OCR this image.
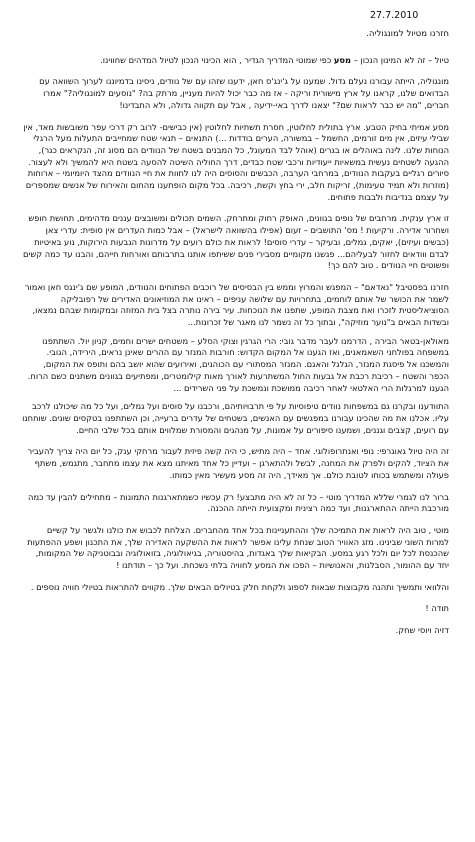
27.7.2010
חזרנו מטיול למונגוליה.

טיול – זה לא המינון הנכון – מסע כפי שמוטי המדריך הגדיר , הוא הכינוי הנכון לטיול המדהים שחווינו.

מונגוליה, הייתה עבורנו נעלם גדול. שמענו על ג'ינג'ס חאן, ידענו שזהו עם של נוודים, ניסינו בדמיוננו לערוך השוואה עם הבדואים שלנו, קראנו על ארץ מישורית וריקה - אז מה כבר יכול להיות מעניין, מרתק בה? "נוסעים למונגוליה?" אמרו חברים, "מה יש כבר לראות שם?" יצאנו לדרך באי-ידיעה , אבל עם תקווה גדולה, ולא התבדינו!

מסע אמיתי בחיק הטבע. ארץ בתולית לחלוטין, חסרת תשתיות לחלוטין (אין כבישים- לרוב רק דרכי עפר משובשות מאד, אין שבילי עיזים, אין מים זורמים, החשמל – במשורה, הערים בודדות ...) התנאים – תנאי שטח שמחייבים התעלות מעל הרגלי הנוחות שלנו. לינה באוהלים או בגרים (אוהל לבד המעוגל, כל המבנים בשטח של הנוודים הם מסוג זה, הנקראים כגר), ההגעה לשטחים נעשית במשאיות ייעודיות ורכבי שטח כבדים, דרך החוליה השיטה להסעה בשטח היא להמשיך ולא לעצור. סיורים רגליים בעקבות הנוודים, במרחבי הערבה, הכבשים והסוסים היה לנו לחוות את חיי הנוודים מהצד היומיומי – ארוחות (מוזרות ולא תמיד טעימות), זריקות חלב, ירי בחץ וקשת, רכיבה. בכל מקום הופתענו מהחום והאירוח של אנשים שמספרים על עצמם בנדיבות ולבבות פתוחים.

זו ארץ ענקית. מרחבים של נופים בגוונים, האופק רחוק ומתרחק. השמים תכולים ומשובצים עננים מדהימים, תחושת חופש ושחרור אדירה. ורקיעות ! מס' התושבים – זעום (אפילו בהשוואה לישראל) – אבל כמות העדרים אין סופית: עדרי צאן (כבשים ועיזים), יאקים, גמלים, ובעיקר – עדרי סוסים! לראות את כולם רועים על מדרונות הגבעות הירוקות, נוע באיטיות לבדם ווודאים לחזור לבעליהם... פגשנו מקומיים מסבירי פנים ששיתפו אותנו בתרבותם ואורחות חייהם, והבנו עד כמה קשים ופשוטים חיי הנוודים . טוב להם כך!

חזרנו בפסטיבל "נאדאם" – המפגש והמרוץ וממש בין הבסיסים של רוכבים הפתוחים והנוודים, המופע שם ג'ינגס חאן ואמור לשמר את הכושר של אותם לוחמים, בתחרויות עם שלושה עניפים – ראינו את המוזיאונים האדירים של רפובליקה הסוציאליסטית לזכרו ואת מצבת המופע, שתפנו את הנוכחות. עיר בירה נותרה בצל בית המזוזה ובמקומות שבהם נמצאו, ובשדות הבאים ב"נוער מוזיקה", ובתוך כל זה נשמר לנו מאגר של זכרונות...

מאולאן-בטאר הבירה , הדרמנו לעבר מדבר גובי: הרי הגרגין וצוקי הסלע – משטחים ישרים וחמים, קניון יול. השתתפנו במשפחה בפולחני השאמאנים, ואז הגענו אל המקום הקדוש: חורבות המנזר עם ההרים שאינן נראים, הירידה, הגובי. והמשכנו אל פיסגת המנזר, הגלגל והאגם. המנזר המסתורי עם הכוהנים, ואירועים שהוא יושב בהם ותופס את המקום, הכפר והשטח – רכיבת רכבת אל גבעות החול המשתרעות לאורך מאות קילומטרים, ומפתיעים בגוונים משתנים כשם הרוח. הגענו למרגלות הרי האלטאי לאחר רכיבה ממושכת ונמשכת על פני השרידים ...

התוודענו ובקרנו גם במשפחות נוודים טיפוסיות על פי תרבויותיהם, ורכבנו על סוסים ועל גמלים, ועל כל מה שיכולנו לרכב עליו. אכלנו את מה שהכינו עבורנו במפגשים עם האנשים, בשטחים של עדרים ברעייה, וכן השתתפנו בטקסים שונים. שוחחנו עם רועים, קצבים וגננים, ושמענו סיפורים על אמונות, על מנהגים והמסורת שמלווים אותם בכל שלבי החיים.

זה היה טיול גאוגרפי: נופי ואנתרופולוגי. אחד – היה מתיש, כי היה קשה פיזית לעבור מרחקי ענק, כל יום היה צריך להעביר את הציוד, להקים ולפרק את המחנה, לבשל ולהתארגן – ועדיין כל אחד מאיתנו מצא את עצמו מתחבר, מתגמש, משתף פעולה ומשתמש בכוחו לטובת כולם. אך מאידך, היה זה מסע מעשיר מאין כמותו.

ברור לנו לגמרי שללא המדריך מוטי – כל זה לא היה מתבצע! רק עכשיו כשמתארגנות התמונות – מתחילים להבין עד כמה מורכבת הייתה ההתארגנות, ועד כמה רצינית ומקצועית הייתה ההכנה.

מוטי , טוב היה לראות את התמיכה שלך וההתעניינות בכל אחד מהחברים. הצלחת לכבוש את כולנו ולגשר על קשיים למרות השוני שבינינו. מזג האוויר הטוב שנחת עלינו אפשר לראות את ההשקעה האדירה שלך, את התכנון ושפע ההפתעות שהכנסת לכל יום ולכל רגע במסע. הבקיאות שלך באגדות, בהיסטוריה, בגיאולוגיה, בזואולוגיה ובבוטניקה של המקומות, יחד עם ההומור, הסבלנות, והאנושיות – הפכו את המסע לחוויה בלתי נשכחת. ועל כך – תודתנו !

והלוואי ותמשיך ותהנה מקבוצות שבאות לספוג ולקחת חלק בטיולים הבאים שלך. מקווים להתראות בטיולי חוויה נוספים .

תודה !

דזיה ויוסי שחק.
